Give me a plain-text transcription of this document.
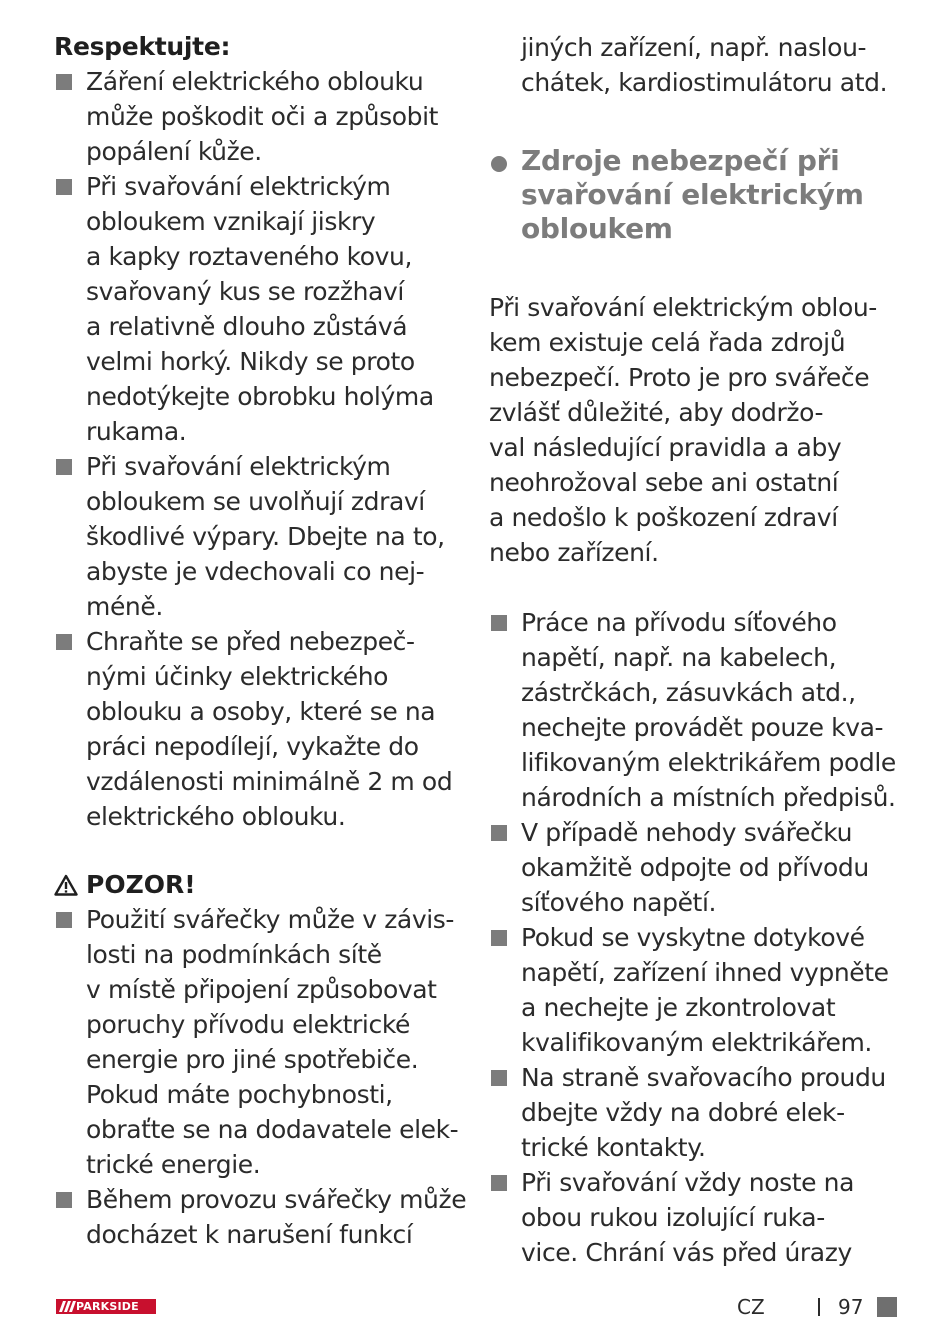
Respektujte:
Záření elektrického oblouku
může poškodit oči a způsobit
popálení kůže.
Při svařování elektrickým
obloukem vznikají jiskry
a kapky roztaveného kovu,
svařovaný kus se rozžhaví
a relativně dlouho zůstává
velmi horký. Nikdy se proto
nedotýkejte obrobku holýma
rukama.
Při svařování elektrickým
obloukem se uvolňují zdraví
škodlivé výpary. Dbejte na to,
abyste je vdechovali co nej-
méně.
Chraňte se před nebezpeč-
nými účinky elektrického
oblouku a osoby, které se na
práci nepodílejí, vykažte do
vzdálenosti minimálně 2 m od
elektrického oblouku.
POZOR!
Použití svářečky může v závis-
losti na podmínkách sítě
v místě připojení způsobovat
poruchy přívodu elektrické
energie pro jiné spotřebiče.
Pokud máte pochybnosti,
obraťte se na dodavatele elek-
trické energie.
Během provozu svářečky může
docházet k narušení funkcí
jiných zařízení, např. naslou-
chátek, kardiostimulátoru atd.
Zdroje nebezpečí při
svařování elektrickým
obloukem
Při svařování elektrickým oblou-
kem existuje celá řada zdrojů
nebezpečí. Proto je pro svářeče
zvlášť důležité, aby dodržo-
val následující pravidla a aby
neohrožoval sebe ani ostatní
a nedošlo k poškození zdraví
nebo zařízení.
Práce na přívodu síťového
napětí, např. na kabelech,
zástrčkách, zásuvkách atd.,
nechejte provádět pouze kva-
lifikovaným elektrikářem podle
národních a místních předpisů.
V případě nehody svářečku
okamžitě odpojte od přívodu
síťového napětí.
Pokud se vyskytne dotykové
napětí, zařízení ihned vypněte
a nechejte je zkontrolovat
kvalifikovaným elektrikářem.
Na straně svařovacího proudu
dbejte vždy na dobré elek-
trické kontakty.
Při svařování vždy noste na
obou rukou izolující ruka-
vice. Chrání vás před úrazy
PARKSIDE	CZ	97
